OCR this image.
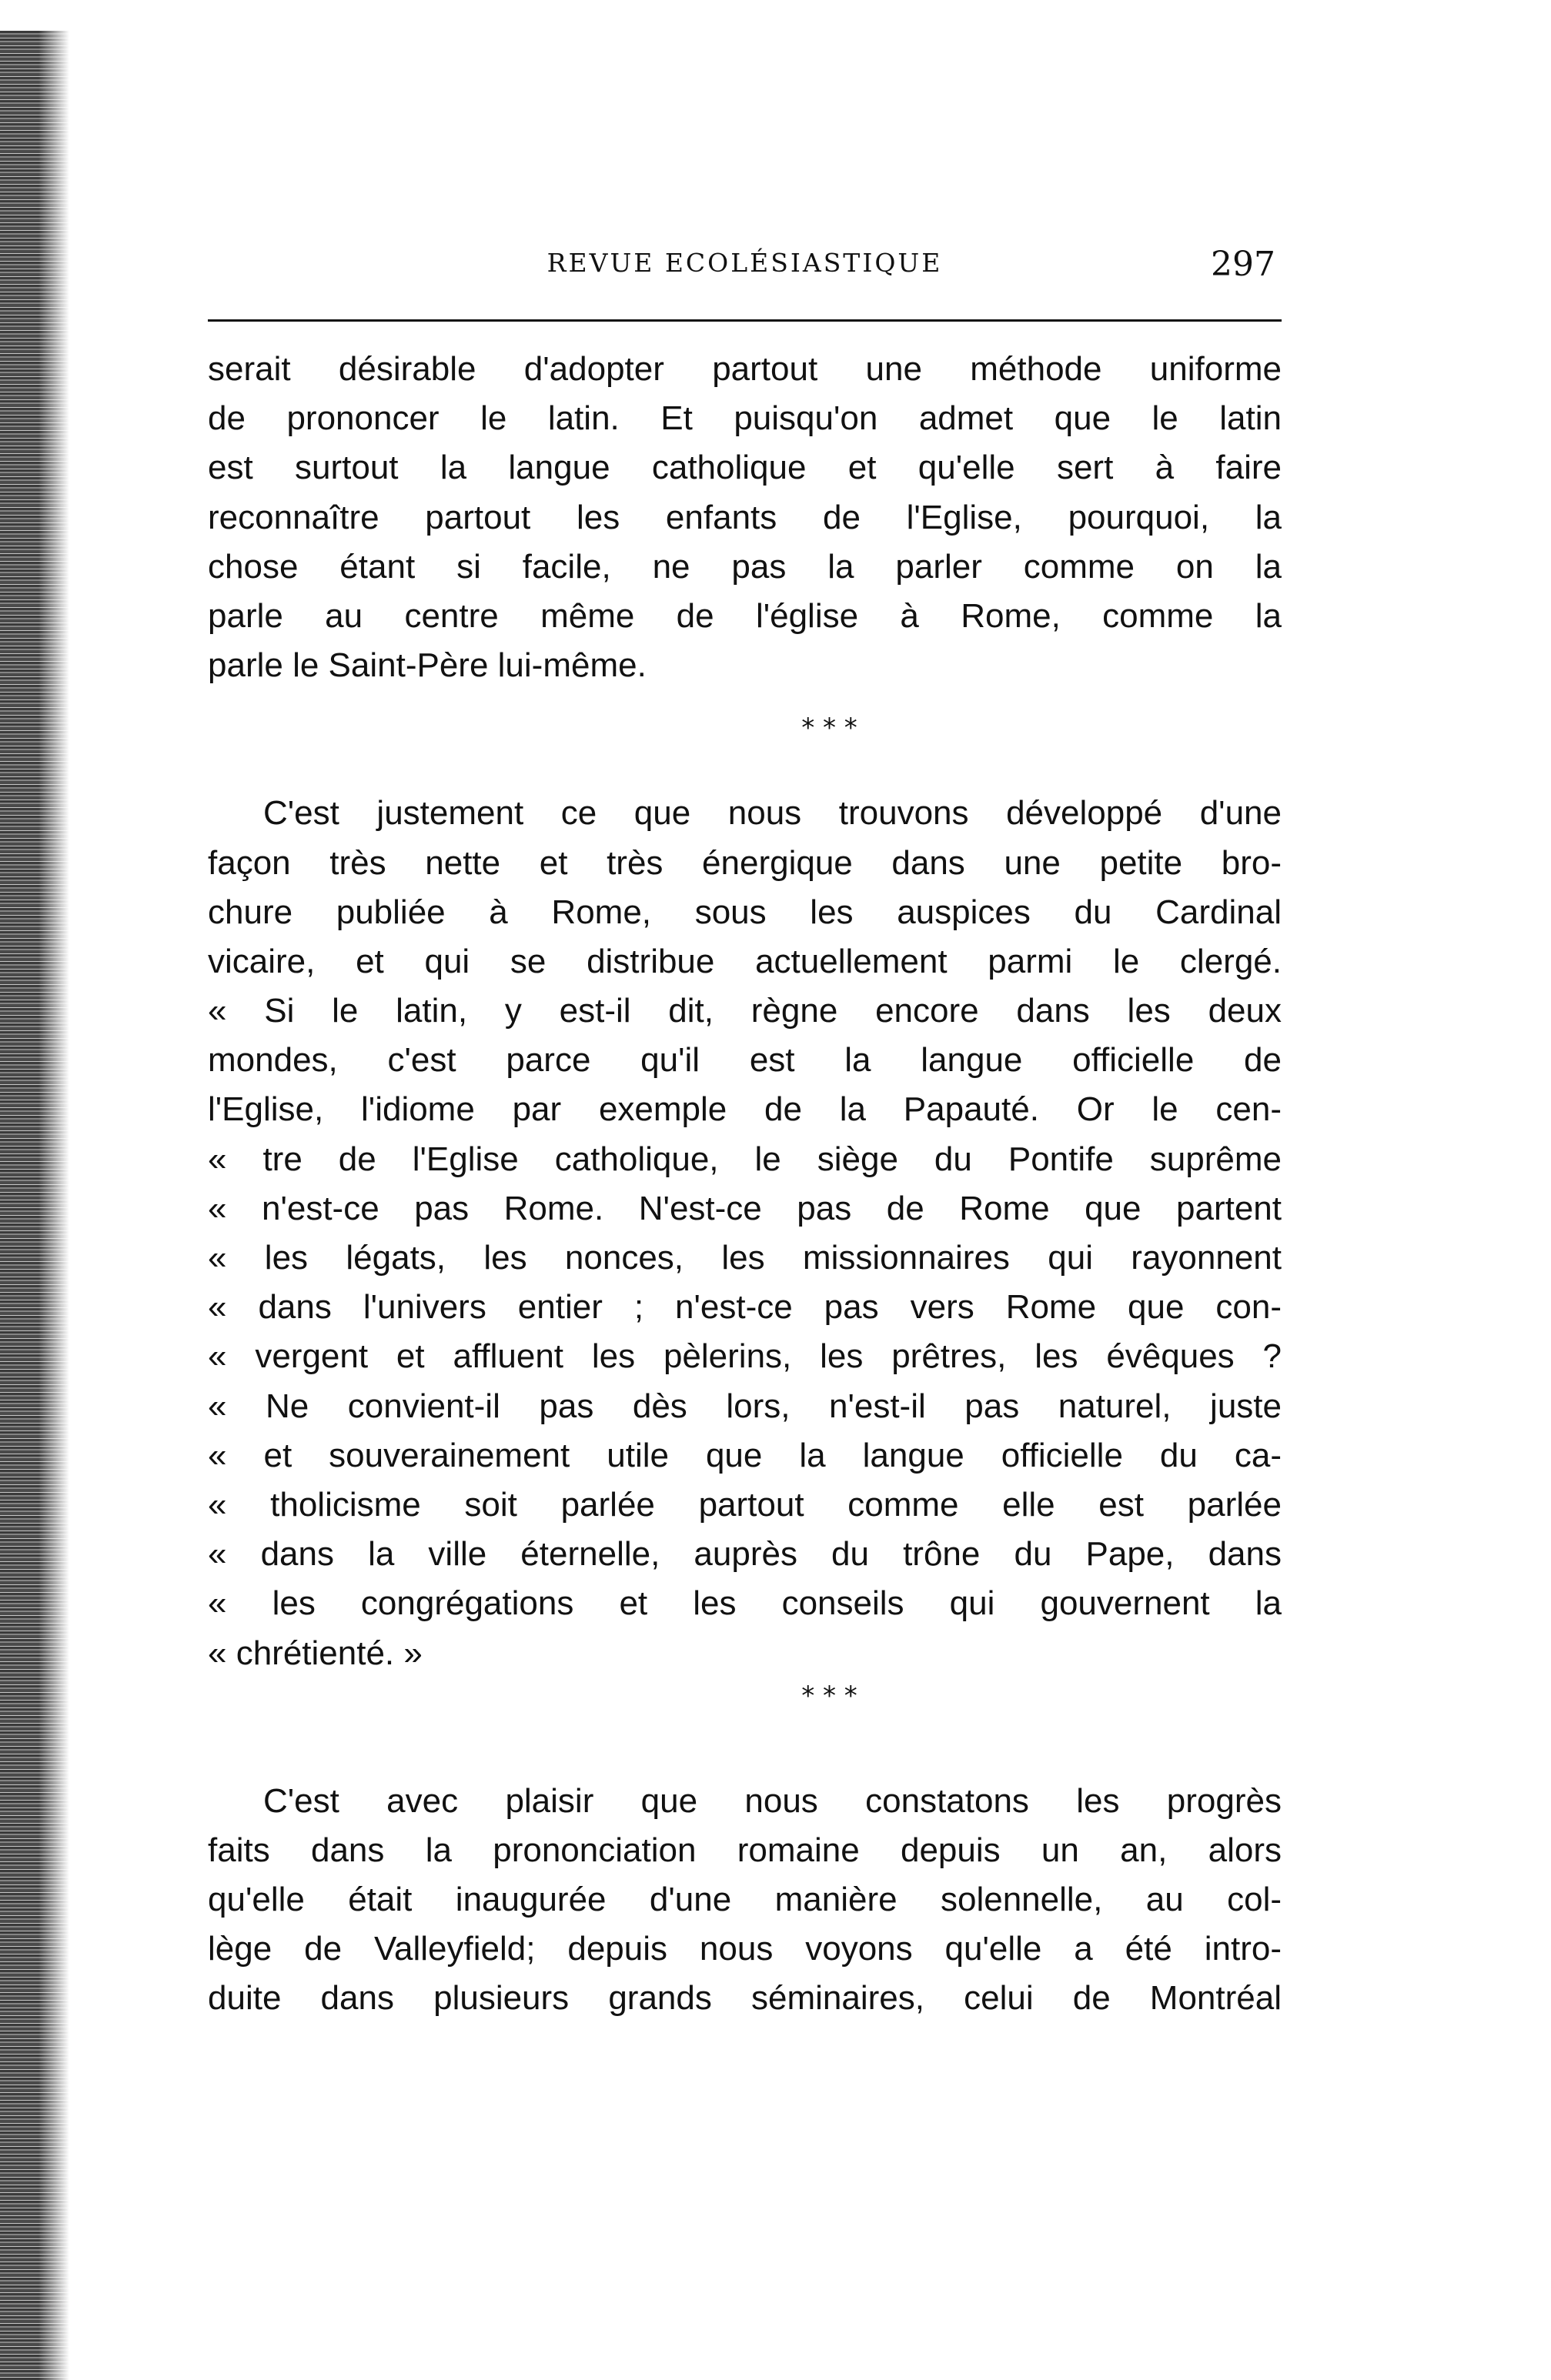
REVUE ECOLÉSIASTIQUE	297
serait désirable d'adopter partout une méthode uniforme
de prononcer le latin. Et puisqu'on admet que le latin
est surtout la langue catholique et qu'elle sert à faire
reconnaître partout les enfants de l'Eglise, pourquoi, la
chose étant si facile, ne pas la parler comme on la
parle au centre même de l'église à Rome, comme la
parle le Saint-Père lui-même.
* * *
C'est justement ce que nous trouvons développé d'une
façon très nette et très énergique dans une petite bro-
chure publiée à Rome, sous les auspices du Cardinal
vicaire, et qui se distribue actuellement parmi le clergé.
« Si le latin, y est-il dit, règne encore dans les deux
mondes, c'est parce qu'il est la langue officielle de
l'Eglise, l'idiome par exemple de la Papauté. Or le cen-
« tre de l'Eglise catholique, le siège du Pontife suprême
« n'est-ce pas Rome. N'est-ce pas de Rome que partent
« les légats, les nonces, les missionnaires qui rayonnent
« dans l'univers entier ; n'est-ce pas vers Rome que con-
« vergent et affluent les pèlerins, les prêtres, les évêques ?
« Ne convient-il pas dès lors, n'est-il pas naturel, juste
« et souverainement utile que la langue officielle du ca-
« tholicisme soit parlée partout comme elle est parlée
« dans la ville éternelle, auprès du trône du Pape, dans
« les congrégations et les conseils qui gouvernent la
« chrétienté. »
* * *
C'est avec plaisir que nous constatons les progrès
faits dans la prononciation romaine depuis un an, alors
qu'elle était inaugurée d'une manière solennelle, au col-
lège de Valleyfield; depuis nous voyons qu'elle a été intro-
duite dans plusieurs grands séminaires, celui de Montréal
